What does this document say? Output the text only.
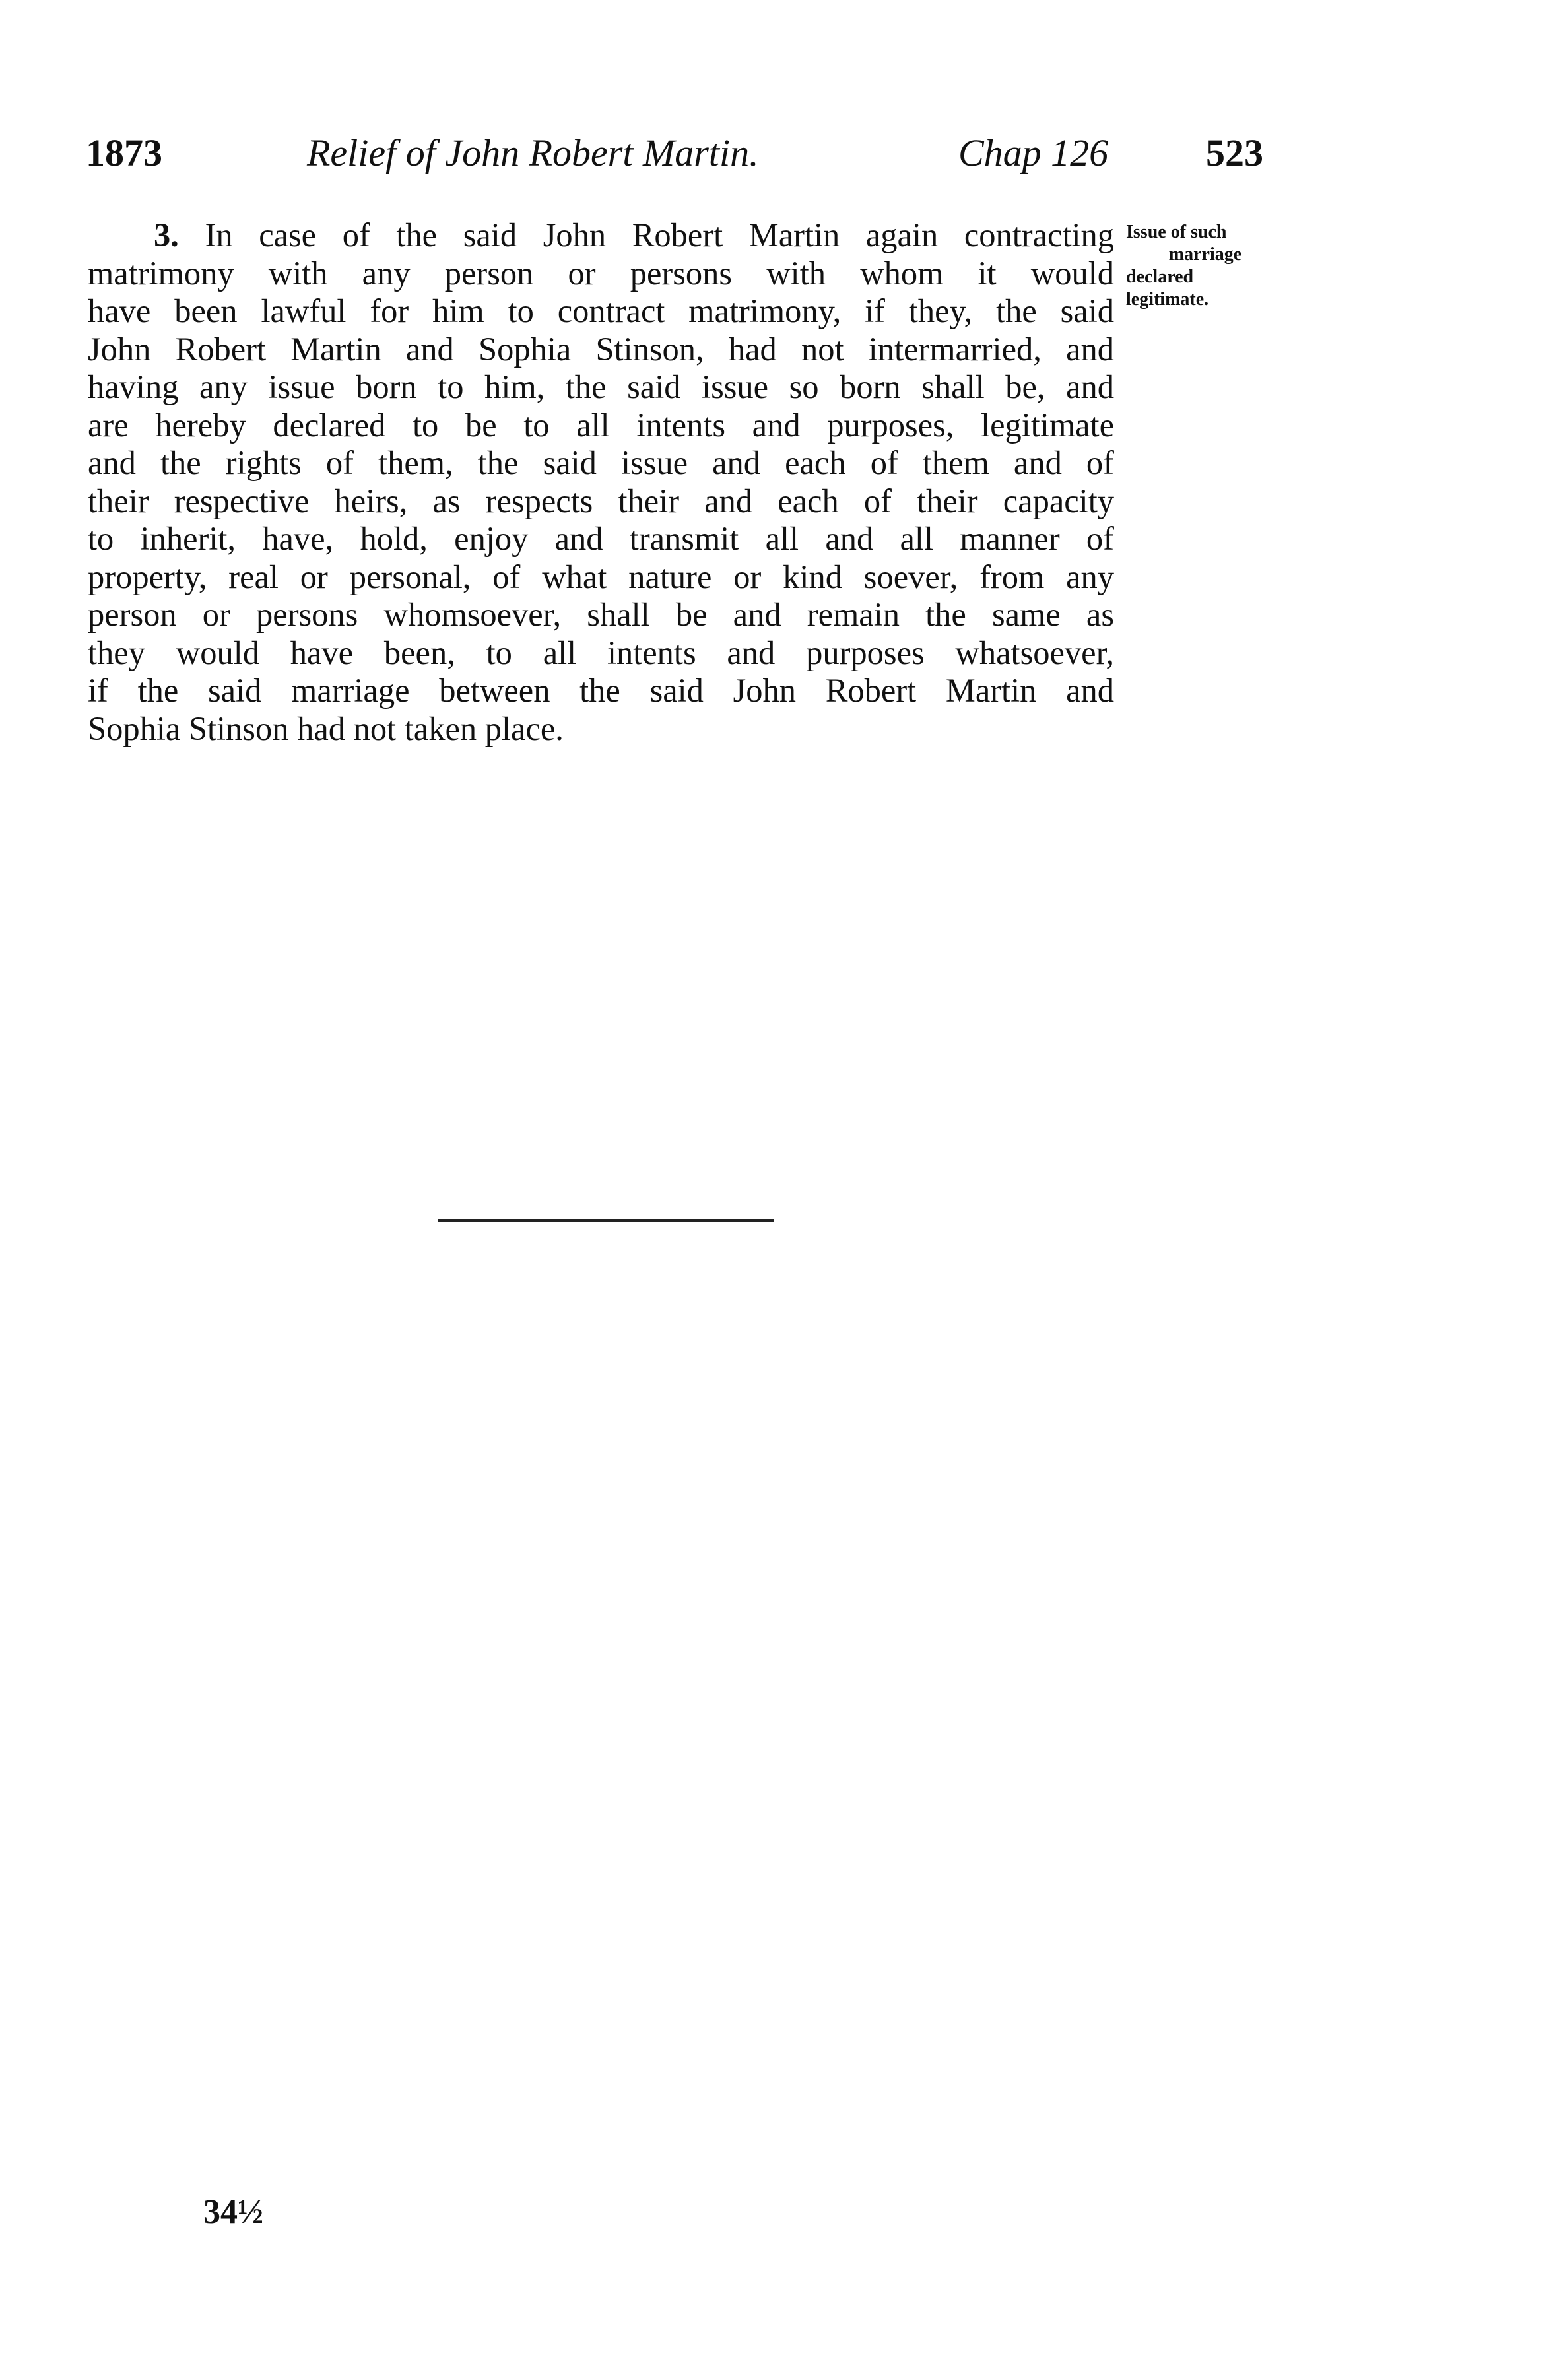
1873	Relief of John Robert Martin.	Chap 126	523
3. In case of the said John Robert Martin again contracting
matrimony with any person or persons with whom it would
have been lawful for him to contract matrimony, if they, the said
John Robert Martin and Sophia Stinson, had not intermarried, and
having any issue born to him, the said issue so born shall be, and
are hereby declared to be to all intents and purposes, legitimate
and the rights of them, the said issue and each of them and of
their respective heirs, as respects their and each of their capacity
to inherit, have, hold, enjoy and transmit all and all manner of
property, real or personal, of what nature or kind soever, from any
person or persons whomsoever, shall be and remain the same as
they would have been, to all intents and purposes whatsoever,
if the said marriage between the said John Robert Martin and
Sophia Stinson had not taken place.
Issue of such
marriage
declared
legitimate.
34½
